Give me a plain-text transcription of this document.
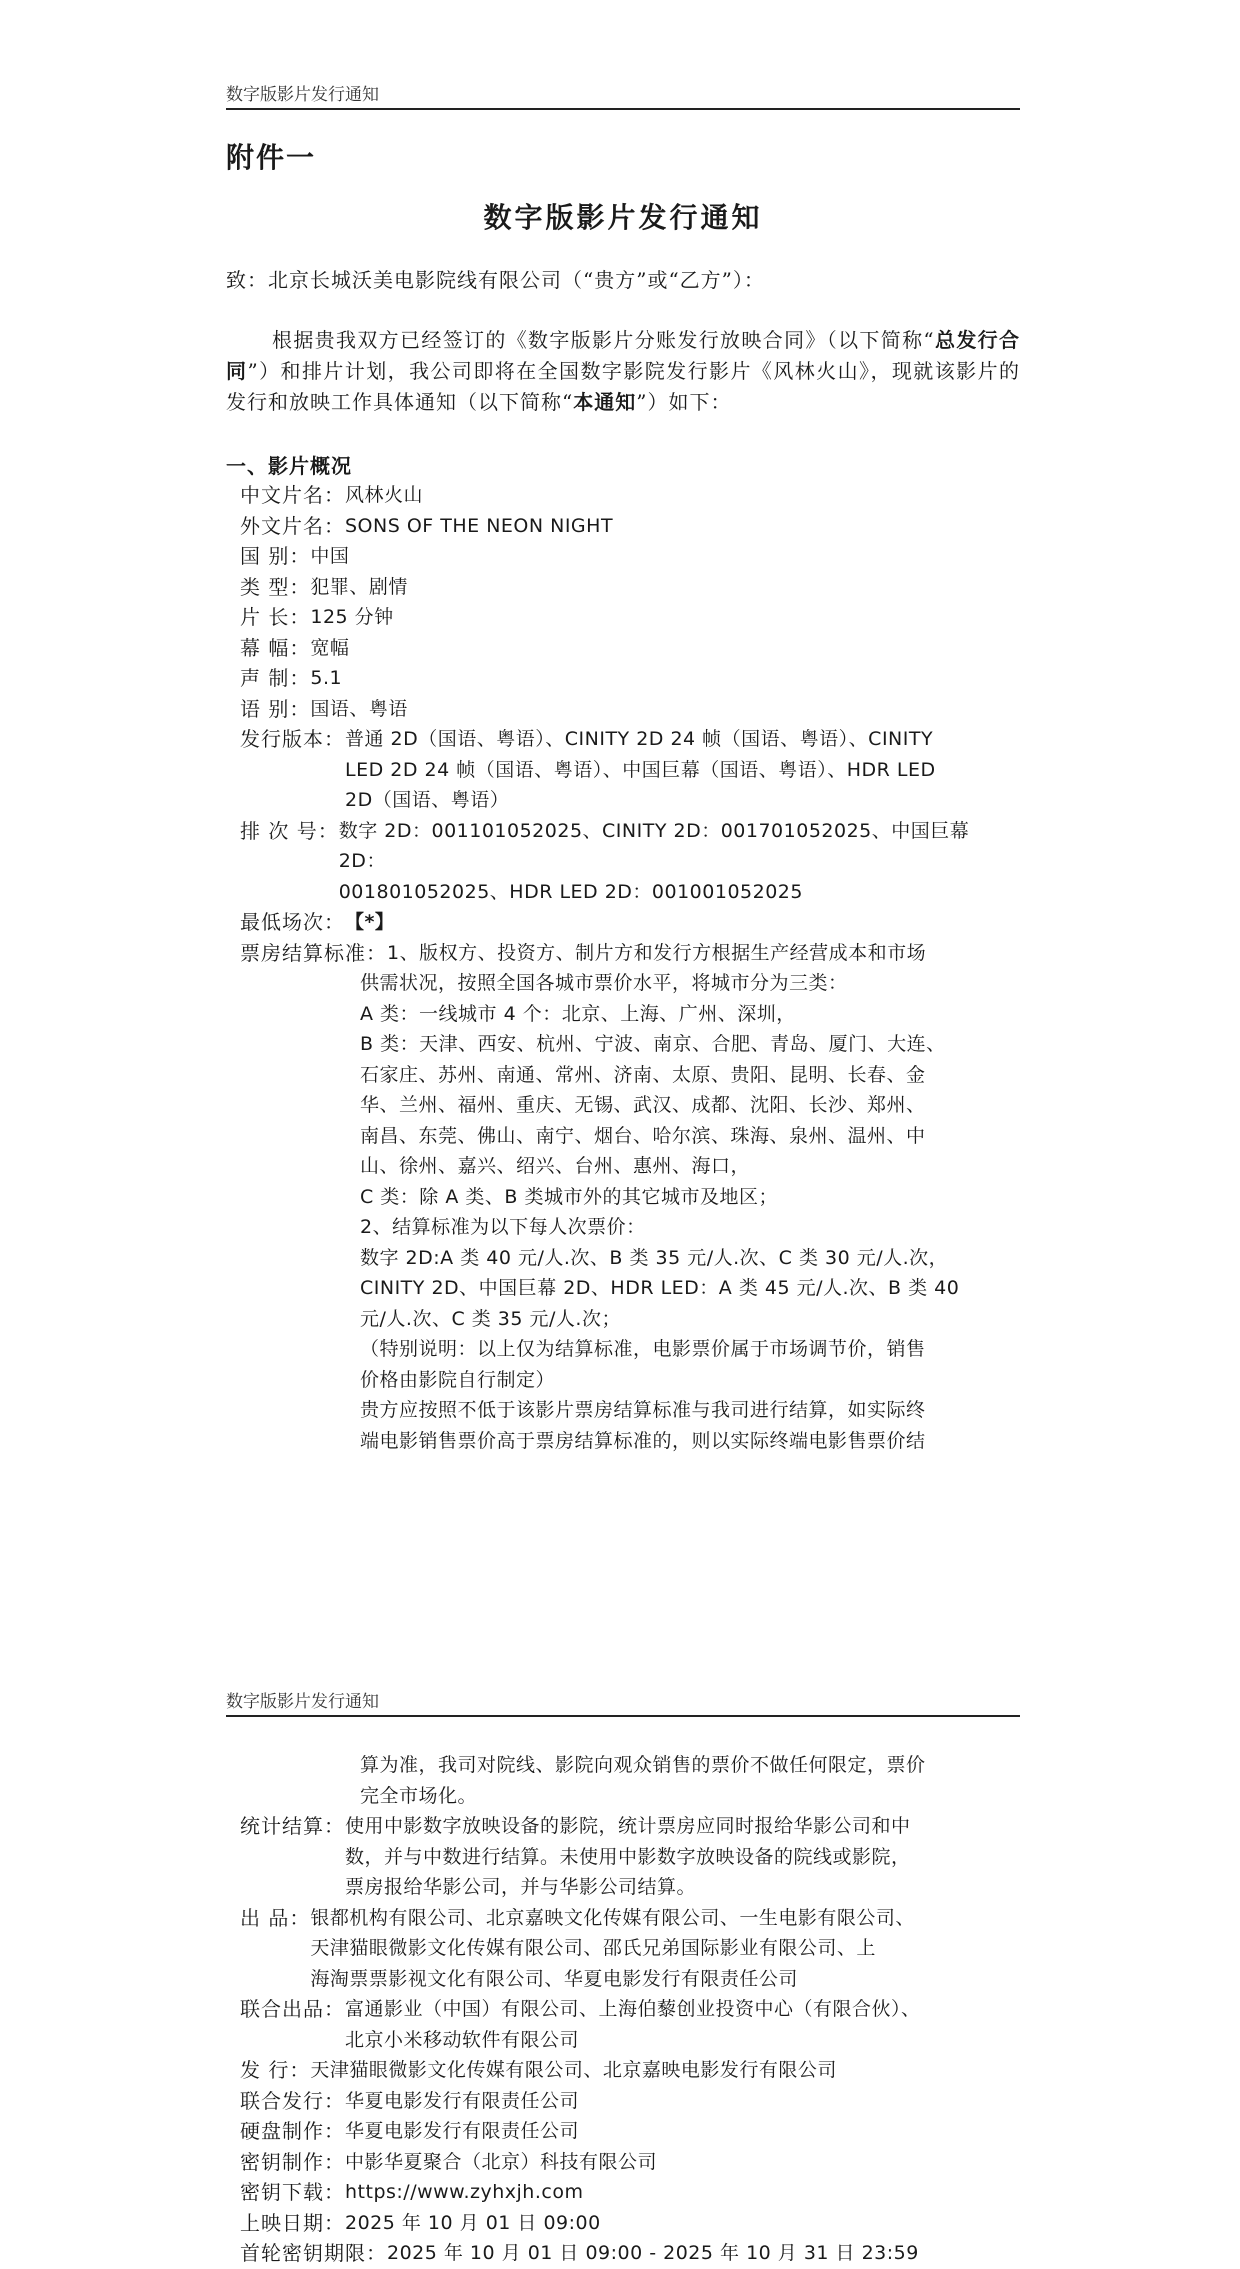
数字版影片发行通知
附件一
数字版影片发行通知
致：北京长城沃美电影院线有限公司（“贵方”或“乙方”）：
根据贵我双方已经签订的《数字版影片分账发行放映合同》（以下简称“总发行合同”）和排片计划，我公司即将在全国数字影院发行影片《风林火山》，现就该影片的发行和放映工作具体通知（以下简称“本通知”）如下：
一、影片概况
中文片名： 风林火山
外文片名： SONS OF THE NEON NIGHT
国 别： 中国
类 型： 犯罪、剧情
片 长： 125 分钟
幕 幅： 宽幅
声 制： 5.1
语 别： 国语、粤语
发行版本： 普通 2D（国语、粤语）、CINITY 2D 24 帧（国语、粤语）、CINITY
LED 2D 24 帧（国语、粤语）、中国巨幕（国语、粤语）、HDR LED
2D（国语、粤语）
排 次 号： 数字 2D：001101052025、CINITY 2D：001701052025、中国巨幕 2D：
001801052025、HDR LED 2D：001001052025
最低场次： 【*】
票房结算标准： 1、版权方、投资方、制片方和发行方根据生产经营成本和市场
供需状况，按照全国各城市票价水平，将城市分为三类：
A 类：一线城市 4 个：北京、上海、广州、深圳，
B 类：天津、西安、杭州、宁波、南京、合肥、青岛、厦门、大连、
石家庄、苏州、南通、常州、济南、太原、贵阳、昆明、长春、金
华、兰州、福州、重庆、无锡、武汉、成都、沈阳、长沙、郑州、
南昌、东莞、佛山、南宁、烟台、哈尔滨、珠海、泉州、温州、中
山、徐州、嘉兴、绍兴、台州、惠州、海口，
C 类：除 A 类、B 类城市外的其它城市及地区；
2、结算标准为以下每人次票价：
数字 2D:A 类 40 元/人.次、B 类 35 元/人.次、C 类 30 元/人.次，
CINITY 2D、中国巨幕 2D、HDR LED：A 类 45 元/人.次、B 类 40
元/人.次、C 类 35 元/人.次；
（特别说明：以上仅为结算标准，电影票价属于市场调节价，销售
价格由影院自行制定）
贵方应按照不低于该影片票房结算标准与我司进行结算，如实际终
端电影销售票价高于票房结算标准的，则以实际终端电影售票价结
数字版影片发行通知
算为准，我司对院线、影院向观众销售的票价不做任何限定，票价
完全市场化。
统计结算： 使用中影数字放映设备的影院，统计票房应同时报给华影公司和中
数，并与中数进行结算。未使用中影数字放映设备的院线或影院，
票房报给华影公司，并与华影公司结算。
出 品： 银都机构有限公司、北京嘉映文化传媒有限公司、一生电影有限公司、
天津猫眼微影文化传媒有限公司、邵氏兄弟国际影业有限公司、上
海淘票票影视文化有限公司、华夏电影发行有限责任公司
联合出品： 富通影业（中国）有限公司、上海伯藜创业投资中心（有限合伙）、
北京小米移动软件有限公司
发 行： 天津猫眼微影文化传媒有限公司、北京嘉映电影发行有限公司
联合发行： 华夏电影发行有限责任公司
硬盘制作： 华夏电影发行有限责任公司
密钥制作： 中影华夏聚合（北京）科技有限公司
密钥下载： https://www.zyhxjh.com
上映日期： 2025 年 10 月 01 日 09:00
首轮密钥期限： 2025 年 10 月 01 日 09:00 - 2025 年 10 月 31 日 23:59
